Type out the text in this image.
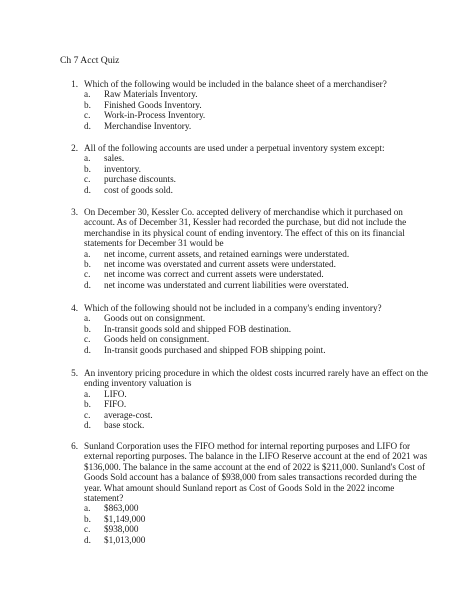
Ch 7 Acct Quiz
1. Which of the following would be included in the balance sheet of a merchandiser?
a. Raw Materials Inventory.
b. Finished Goods Inventory.
c. Work-in-Process Inventory.
d. Merchandise Inventory.
2. All of the following accounts are used under a perpetual inventory system except:
a. sales.
b. inventory.
c. purchase discounts.
d. cost of goods sold.
3. On December 30, Kessler Co. accepted delivery of merchandise which it purchased on account. As of December 31, Kessler had recorded the purchase, but did not include the merchandise in its physical count of ending inventory. The effect of this on its financial statements for December 31 would be
a. net income, current assets, and retained earnings were understated.
b. net income was overstated and current assets were understated.
c. net income was correct and current assets were understated.
d. net income was understated and current liabilities were overstated.
4. Which of the following should not be included in a company's ending inventory?
a. Goods out on consignment.
b. In-transit goods sold and shipped FOB destination.
c. Goods held on consignment.
d. In-transit goods purchased and shipped FOB shipping point.
5. An inventory pricing procedure in which the oldest costs incurred rarely have an effect on the ending inventory valuation is
a. LIFO.
b. FIFO.
c. average-cost.
d. base stock.
6. Sunland Corporation uses the FIFO method for internal reporting purposes and LIFO for external reporting purposes. The balance in the LIFO Reserve account at the end of 2021 was $136,000. The balance in the same account at the end of 2022 is $211,000. Sunland's Cost of Goods Sold account has a balance of $938,000 from sales transactions recorded during the year. What amount should Sunland report as Cost of Goods Sold in the 2022 income statement?
a. $863,000
b. $1,149,000
c. $938,000
d. $1,013,000
